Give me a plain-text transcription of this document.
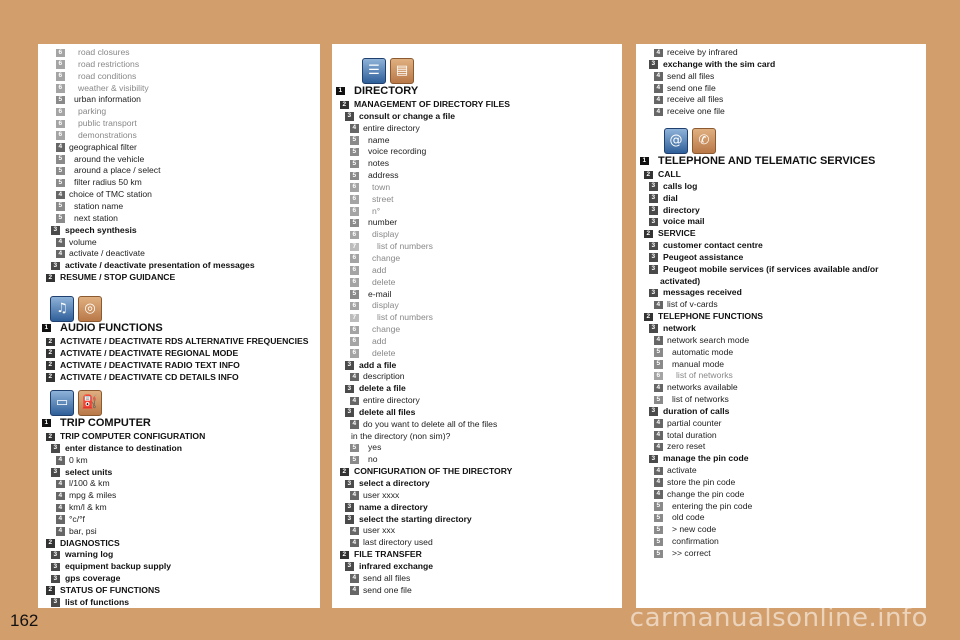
6 road closures
6 road restrictions
6 road conditions
6 weather & visibility
5 urban information
6 parking
6 public transport
6 demonstrations
4 geographical filter
5 around the vehicle
5 around a place / select
5 filter radius 50 km
4 choice of TMC station
5 station name
5 next station
3 speech synthesis
4 volume
4 activate / deactivate
3 activate / deactivate presentation of messages
2 RESUME / STOP GUIDANCE
♫	◎
1 AUDIO FUNCTIONS
2 ACTIVATE / DEACTIVATE RDS ALTERNATIVE FREQUENCIES
2 ACTIVATE / DEACTIVATE REGIONAL MODE
2 ACTIVATE / DEACTIVATE RADIO TEXT INFO
2 ACTIVATE / DEACTIVATE CD DETAILS INFO
▭	⛽
1 TRIP COMPUTER
2 TRIP COMPUTER CONFIGURATION
3 enter distance to destination
4 0 km
3 select units
4 l/100 & km
4 mpg & miles
4 km/l & km
4 °c/°f
4 bar, psi
2 DIAGNOSTICS
3 warning log
3 equipment backup supply
3 gps coverage
2 STATUS OF FUNCTIONS
3 list of functions
☰	▤
1 DIRECTORY
2 MANAGEMENT OF DIRECTORY FILES
3 consult or change a file
4 entire directory
5 name
5 voice recording
5 notes
5 address
6 town
6 street
6 n°
5 number
6 display
7 list of numbers
6 change
6 add
6 delete
5 e-mail
6 display
7 list of numbers
6 change
6 add
6 delete
3 add a file
4 description
3 delete a file
4 entire directory
3 delete all files
4 do you want to delete all of the files
in the directory (non sim)?
5 yes
5 no
2 CONFIGURATION OF THE DIRECTORY
3 select a directory
4 user xxxx
3 name a directory
3 select the starting directory
4 user xxx
4 last directory used
2 FILE TRANSFER
3 infrared exchange
4 send all files
4 send one file
4 receive by infrared
3 exchange with the sim card
4 send all files
4 send one file
4 receive all files
4 receive one file
@	✆
1 TELEPHONE AND TELEMATIC SERVICES
2 CALL
3 calls log
3 dial
3 directory
3 voice mail
2 SERVICE
3 customer contact centre
3 Peugeot assistance
3 Peugeot mobile services (if services available and/or
activated)
3 messages received
4 list of v-cards
2 TELEPHONE FUNCTIONS
3 network
4 network search mode
5 automatic mode
5 manual mode
6 list of networks
4 networks available
5 list of networks
3 duration of calls
4 partial counter
4 total duration
4 zero reset
3 manage the pin code
4 activate
4 store the pin code
4 change the pin code
5 entering the pin code
5 old code
5 > new code
5 confirmation
5 >> correct
162	carmanualsonline.info
